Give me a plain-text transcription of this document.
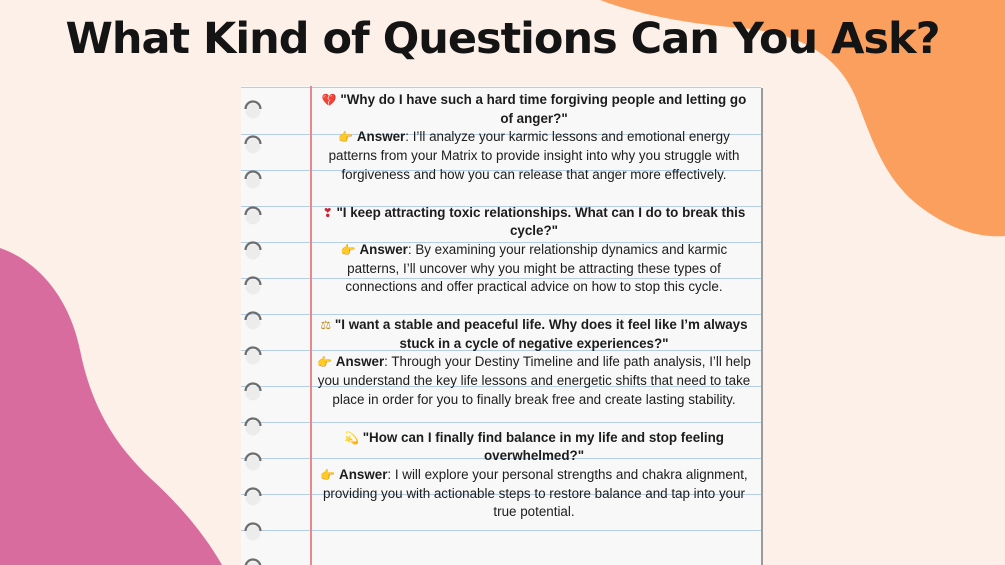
What Kind of Questions Can You Ask?
💔 "Why do I have such a hard time forgiving people and letting go of anger?"
👉 Answer: I’ll analyze your karmic lessons and emotional energy patterns from your Matrix to provide insight into why you struggle with forgiveness and how you can release that anger more effectively.
❣ "I keep attracting toxic relationships. What can I do to break this cycle?"
👉 Answer: By examining your relationship dynamics and karmic patterns, I’ll uncover why you might be attracting these types of connections and offer practical advice on how to stop this cycle.
⚖ "I want a stable and peaceful life. Why does it feel like I’m always stuck in a cycle of negative experiences?"
👉 Answer: Through your Destiny Timeline and life path analysis, I’ll help you understand the key life lessons and energetic shifts that need to take place in order for you to finally break free and create lasting stability.
💫 "How can I finally find balance in my life and stop feeling overwhelmed?"
👉 Answer: I will explore your personal strengths and chakra alignment, providing you with actionable steps to restore balance and tap into your true potential.
